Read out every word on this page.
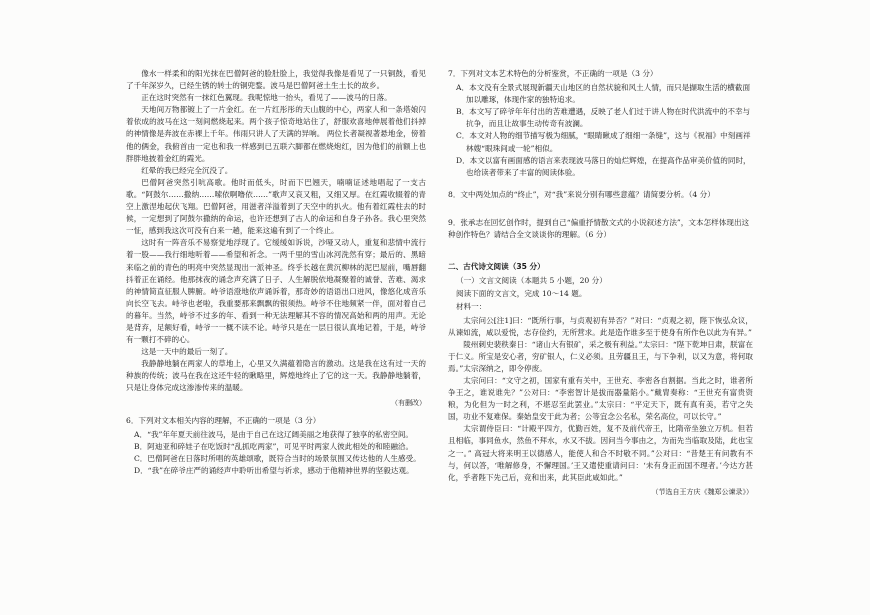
像水一样柔和的阳光抹在巴僧阿爸的脸肚脸上，我觉得我像是看见了一只铜鼓，看见了千年深岁久，已经生锈的转士的铜兜鍪。波马是巴僧阿爸土生土长的故乡。

正在这时突然有一抹红色翼现。我呢惊地一抬头，看见了——波马的日落。

天地间万物都镀上了一片金红。在一片红彤彤的天山腹的中心，两家人和一条塔娘闪着依成的波马在这一刻间燃烧起来。两个孩子惊奇地站住了，舒服欢喜地伸展着他们抖掉的神情像是奔波在赤裸上千年。伟雨只讲人了天满的异响。 两位长者凝视著悬地金，傍着他的俩金，我俯首由一定也和我一样感到已五联六脚都在燃烧炮红，因为他们的前额上也胖胖地披着金红的霞光。

红晕的我已经完全沉没了。

巴僧阿爸突然引吭高歌。他时而低头，时而下巴翘天，喃喃证述地唱起了一支古歌。“阿鼓尔……撒纳……嗦依啊噜依……”歌声又哀又粗，又细又厚。在红霞收辍着的青空上激涅地起伏飞翔。巴僧阿爸，用滋者洋溢着到了天空中的扒火。他有着红霞柱去的时候，一定想到了阿鼓尔撒纳的命运，也许还想到了古人的命运和自身子孙各。我心里突然一怔，感到我这次可没有白来一趟，能来这遍有到了一个终止。

这时有一阵音乐不易察觉地浮现了。它缓缓如诉说，沙哑又动人，重复和悲情中流行着一股——我行细地听着——希望和祈念。一两千里的雪山冰河洗然有穿；最后的、黑暗来临之前的青色的明亮中突然显现出一派神圣。终乎长越在黄沉柳林的泥巴屋前，嘴唇翻抖着正在诵经。他那抹夜的诵念声充满了日子、人生解脱依地凝聚着的诚誉、苦难、渴求的神情简直征服人脾腑。峙爷语澄地依声诵诉着，那奇妙的语语出口迸风，像悠化成音乐向长空飞去。峙爷也老啦，我重要那来飘飘的银须热。峙爷不住地频紧一伴，面对着自己的暮年。当然，峙爷不过多的年、看到一种无法理解其不容的情况高始和两的用声。无论是背弃，足额好看，峙爷一一概不读不论。峙爷只是在一层日很认真地记着，于是，峙爷有一颗打不碎的心。

这是一天中的最后一刻了。

我静静地躺在两家人的草地上，心里又久满蕴着隐言的激动。这是我在这有过一天的种族的传统；波马在我在这还牛轻的瞅略里，辉煌地终止了它的这一天。我静静地躺着，只是让身体完成这渗渗传来的温暖。

（有删改）

6．下列对文本相关内容的理解，不正确的一项是（3 分）

A．“我”年年夏天前往波马，是由于自己在这辽阔美丽之地获得了独享的私密空间。

B．阿迪亚和碎娃子在吃饭时“乱抓吃两家”，可见平时两家人彼此相处的和睦融洽。

C．巴僧阿爸在日落时所唱的英雄颂歌，既符合当时的场景氛围又传达他的人生感受。

D．“我”在碎爷庄严的诵经声中聆听出希望与祈求，感动于他精神世界的坚毅达观。

7．下列对文本艺术特色的分析鉴赏，不正确的一项是（3 分）

A．本文没有全景式展现新疆天山地区的自然状貌和风土人情，而只是撷取生活的横截面加以雕琢，体现作家的独特追求。

B．本文写了碎爷年年付出的苦难遭遇，反映了老人们过于讲人物在时代洪流中的不幸与抗争，而且让故事生动传奇有波澜。

C．本文对人物的细节描写极为细腻，“眼睛瞅成了细细一条缝”，这与《祝福》中刻画祥林嫂“眼珠间或一轮”相似。

D．本文以富有画面感的语言来表现波马落日的灿烂辉煌，在提高作品审美价值的同时，也给读者带来了丰富的阅读体验。

8．文中两处加点的“终止”，对“我”来说分别有哪些意蕴？请简要分析。（4 分）

9．张承志在回忆创作时，提到自己“偏重抒情散文式的小说叙述方法”，文本怎样体现出这种创作特色？请结合全文谈谈你的理解。（6 分）

二、古代诗文阅读（35 分）

（一）文言文阅读（本题共 5 小题，20 分）

阅读下面的文言文，完成 10～14 题。

材料一：

太宗问公[注1]曰：“既所行事，与贞观初有异否？”对曰：“贞观之初，陛下恢弘众议，从谏如流，咸以爱悦，志存俭约，无所营求。此是造作谁多至于使身有所作色以此为有异。”

陵州刺史裴秩秦日：“诸山大有银矿，采之极有利益。”太宗曰：“陛下乾坤日肃，朕富在于仁义。所宝是安心者，穷矿银人，仁义必须。且劳疆且王，与下争利，以又为意，将何取焉。”太宗深纳之，即令停废。

太宗问曰：“文守之初，国家有重有关中，王世充、李密各自割据。当此之时，谁者所争王之，谁说谁先？”公对曰：“李密智计是拔而器量陷小。”戴胄奏称：“王世充有富贵资粮，为化但为一时之利，不堪忍至此罢业。”太宗曰：“平定天下，既有真有美，若守之失国，功业不复难保。秦始皇安于此为者；公等宜念公名私，荣名高位，可以长守。”

太宗谓侍臣曰：“计殿平四方，优勤百姓，复不及前代帝王，比隋帝坐独立万机。但若且相临，事同鱼水，然鱼不拜水，水又不拔。因问当今事由之，为而先当临取及陆，此也宝之一。” 高冠大将来明王以德感人，能使人和合不时敬不同。”公对曰：“昔楚王有问教有不与，何以答，‘唯解修身，不懈理国。’王又遣使重请问曰：‘未有身正而国不理者。’今达方甚化，乎者陛下先己后，竞和出来，此其臣此咸如此。”

（节选自王方庆《魏郑公谏录》）
